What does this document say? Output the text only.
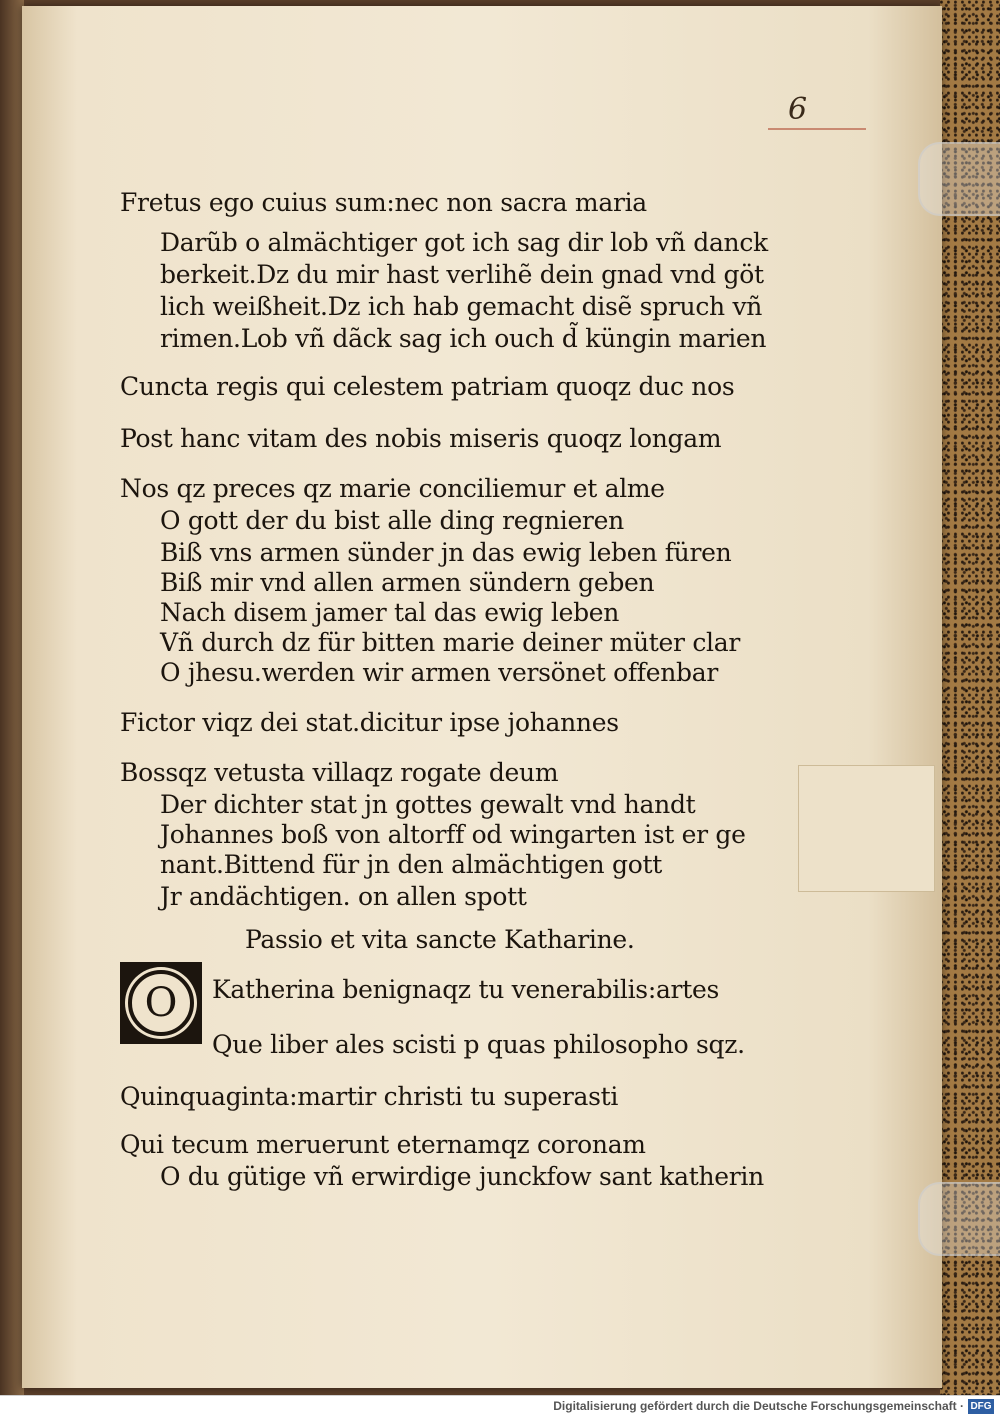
6
Fretus ego cuius sum:nec non sacra maria
Darũb o almächtiger got ich sag dir lob vñ danck
berkeit.Dz du mir hast verlihẽ dein gnad vnd göt
lich weißheit.Dz ich hab gemacht disẽ spruch vñ
rimen.Lob vñ dãck sag ich ouch d̃ küngin marien
Cuncta regis qui celestem patriam quoqz duc nos
Post hanc vitam des nobis miseris quoqz longam
Nos qz preces qz marie conciliemur et alme
O gott der du bist alle ding regnieren
Biß vns armen sünder jn das ewig leben füren
Biß mir vnd allen armen sündern geben
Nach disem jamer tal das ewig leben
Vñ durch dz für bitten marie deiner müter clar
O jhesu.werden wir armen versönet offenbar
Fictor viqz dei stat.dicitur ipse johannes
Bossqz vetusta villaqz rogate deum
Der dichter stat jn gottes gewalt vnd handt
Johannes boß von altorff od wingarten ist er ge
nant.Bittend für jn den almächtigen gott
Jr andächtigen. on allen spott
Passio et vita sancte Katharine.
O	Katherina benignaqz tu venerabilis:artes
Que liber ales scisti p quas philosopho sqz.
Quinquaginta:martir christi tu superasti
Qui tecum meruerunt eternamqz coronam
O du gütige vñ erwirdige junckfow sant katherin
Digitalisierung gefördert durch die Deutsche Forschungsgemeinschaft · DFG
